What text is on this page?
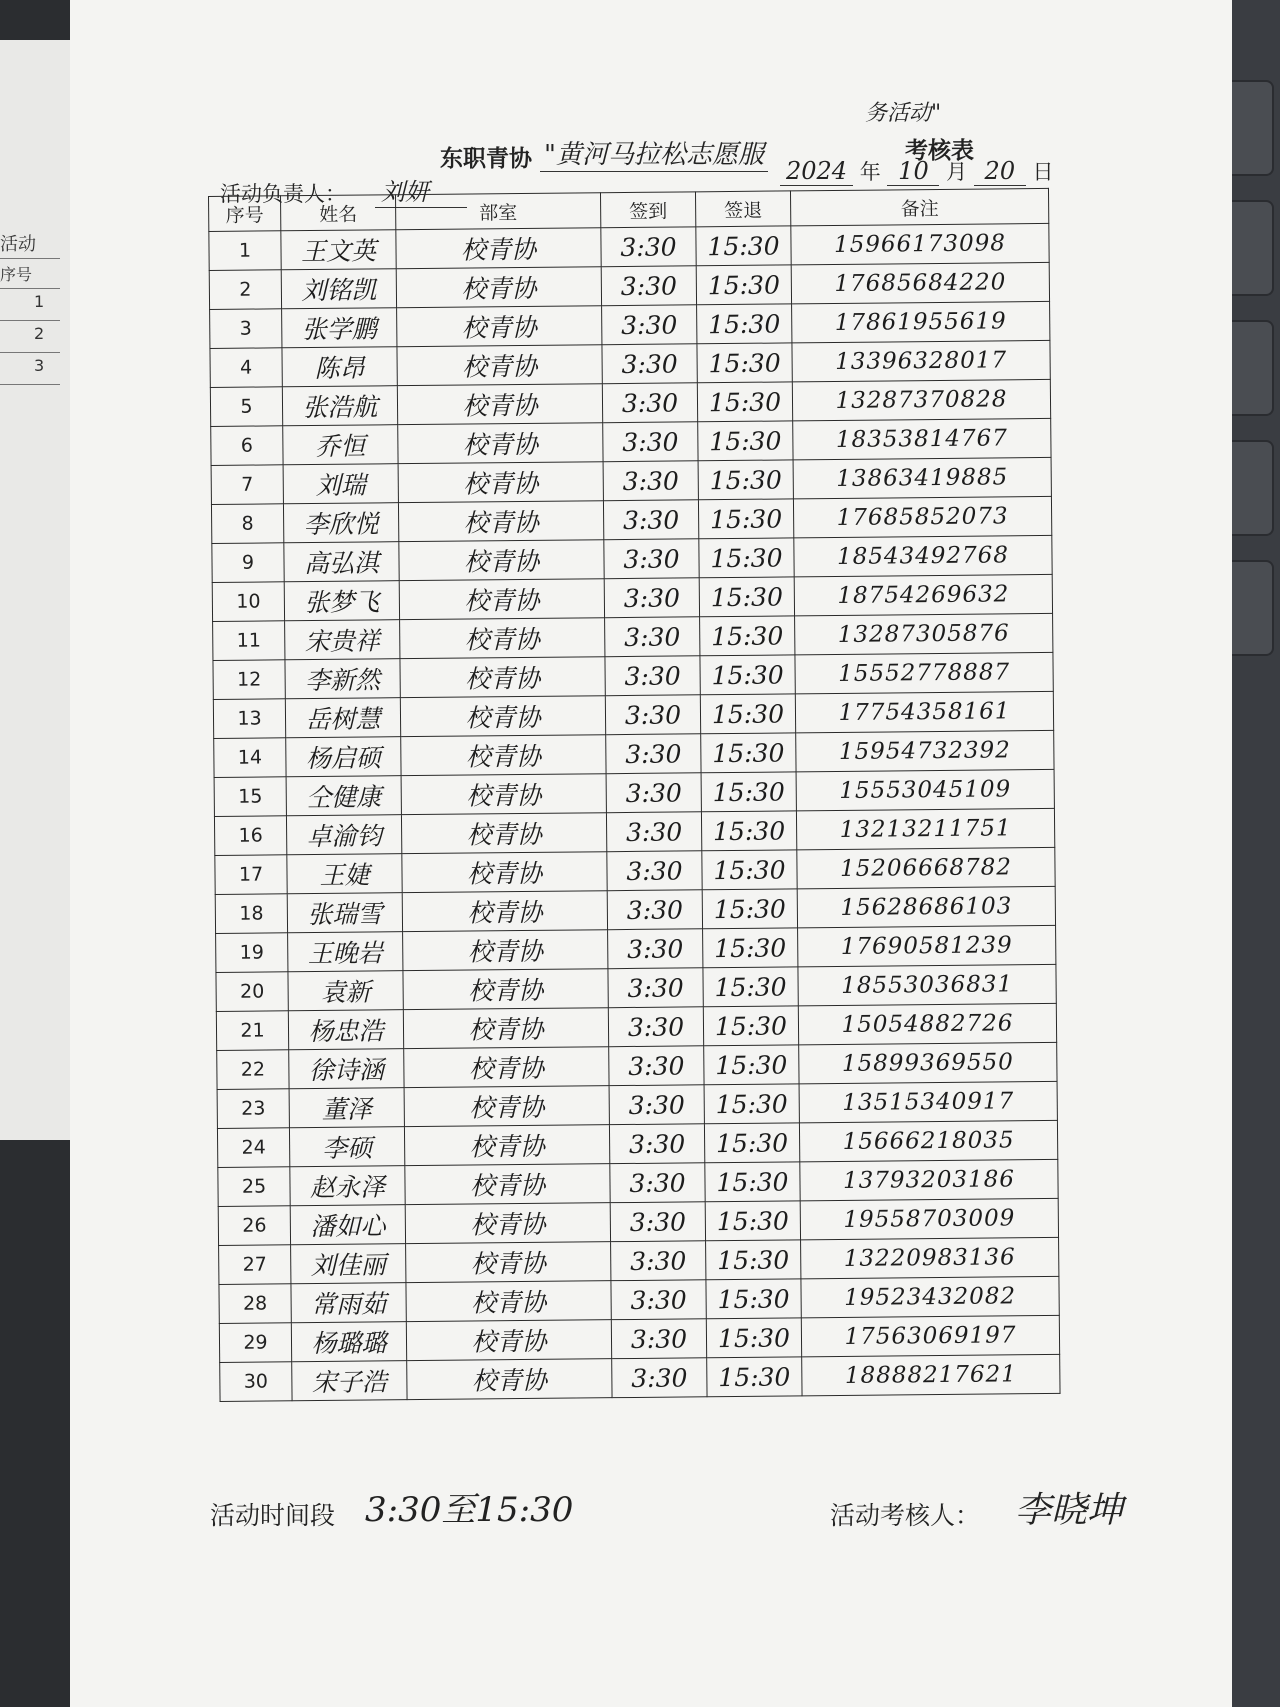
活动
序号
1
2
3
东职青协 "黄河马拉松志愿服
务活动"
考核表
活动负责人： 刘妍
2024 年 10 月 20 日
序号	姓名	部室	签到	签退	备注
1	王文英	校青协	3:30	15:30	15966173098
2	刘铭凯	校青协	3:30	15:30	17685684220
3	张学鹏	校青协	3:30	15:30	17861955619
4	陈昂	校青协	3:30	15:30	13396328017
5	张浩航	校青协	3:30	15:30	13287370828
6	乔恒	校青协	3:30	15:30	18353814767
7	刘瑞	校青协	3:30	15:30	13863419885
8	李欣悦	校青协	3:30	15:30	17685852073
9	高弘淇	校青协	3:30	15:30	18543492768
10	张梦飞	校青协	3:30	15:30	18754269632
11	宋贵祥	校青协	3:30	15:30	13287305876
12	李新然	校青协	3:30	15:30	15552778887
13	岳树慧	校青协	3:30	15:30	17754358161
14	杨启硕	校青协	3:30	15:30	15954732392
15	仝健康	校青协	3:30	15:30	15553045109
16	卓渝钧	校青协	3:30	15:30	13213211751
17	王婕	校青协	3:30	15:30	15206668782
18	张瑞雪	校青协	3:30	15:30	15628686103
19	王晚岩	校青协	3:30	15:30	17690581239
20	袁新	校青协	3:30	15:30	18553036831
21	杨忠浩	校青协	3:30	15:30	15054882726
22	徐诗涵	校青协	3:30	15:30	15899369550
23	董泽	校青协	3:30	15:30	13515340917
24	李硕	校青协	3:30	15:30	15666218035
25	赵永泽	校青协	3:30	15:30	13793203186
26	潘如心	校青协	3:30	15:30	19558703009
27	刘佳丽	校青协	3:30	15:30	13220983136
28	常雨茹	校青协	3:30	15:30	19523432082
29	杨璐璐	校青协	3:30	15:30	17563069197
30	宋子浩	校青协	3:30	15:30	18888217621
活动时间段 3:30至15:30	活动考核人： 李晓坤
